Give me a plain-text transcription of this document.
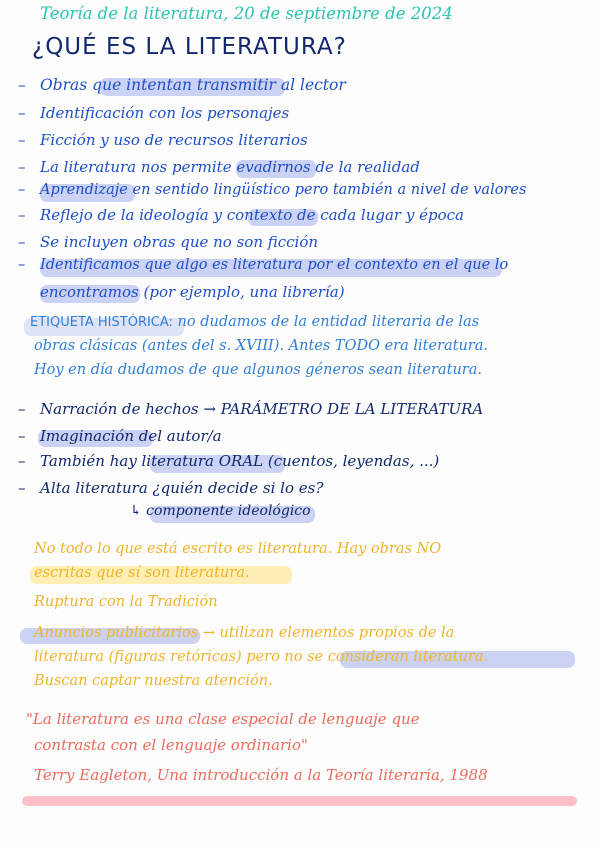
Teoría de la literatura, 20 de septiembre de 2024
¿QUÉ ES LA LITERATURA?
– Obras que intentan transmitir al lector
– Identificación con los personajes
– Ficción y uso de recursos literarios
– La literatura nos permite evadirnos de la realidad
– Aprendizaje en sentido lingüístico pero también a nivel de valores
– Reflejo de la ideología y contexto de cada lugar y época
– Se incluyen obras que no son ficción
– Identificamos que algo es literatura por el contexto en el que lo
encontramos (por ejemplo, una librería)
ETIQUETA HISTÓRICA: no dudamos de la entidad literaria de las
obras clásicas (antes del s. XVIII). Antes TODO era literatura.
Hoy en día dudamos de que algunos géneros sean literatura.
– Narración de hechos → PARÁMETRO DE LA LITERATURA
– Imaginación del autor/a
– También hay literatura ORAL (cuentos, leyendas, ...)
– Alta literatura ¿quién decide si lo es?
↳ componente ideológico
No todo lo que está escrito es literatura. Hay obras NO
escritas que sí son literatura.
Ruptura con la Tradición
Anuncios publicitarios → utilizan elementos propios de la
literatura (figuras retóricas) pero no se consideran literatura.
Buscan captar nuestra atención.
"La literatura es una clase especial de lenguaje que
contrasta con el lenguaje ordinario"
Terry Eagleton, Una introducción a la Teoría literaria, 1988
